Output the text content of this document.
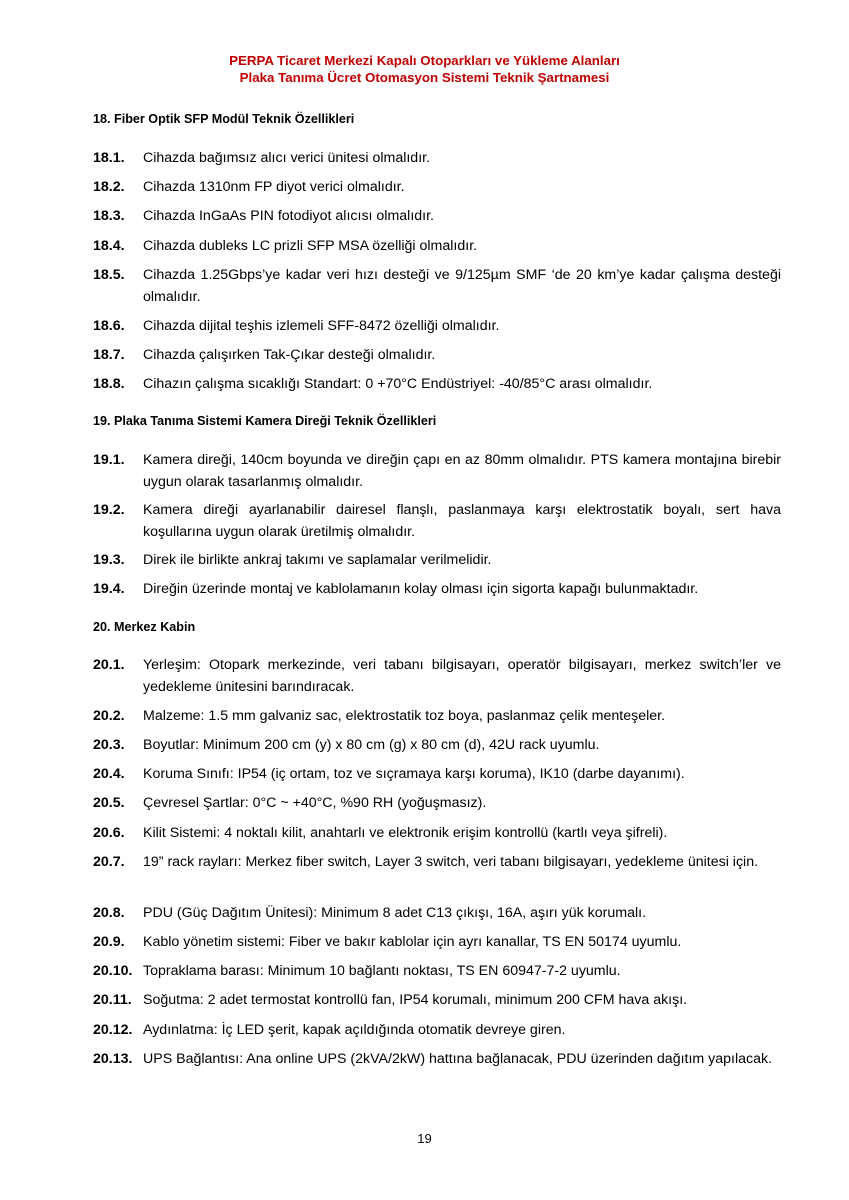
PERPA Ticaret Merkezi Kapalı Otoparkları ve Yükleme Alanları
Plaka Tanıma Ücret Otomasyon Sistemi Teknik Şartnamesi
18. Fiber Optik SFP Modül Teknik Özellikleri
18.1. Cihazda bağımsız alıcı verici ünitesi olmalıdır.
18.2. Cihazda 1310nm FP diyot verici olmalıdır.
18.3. Cihazda InGaAs PIN fotodiyot alıcısı olmalıdır.
18.4. Cihazda dubleks LC prizli SFP MSA özelliği olmalıdır.
18.5. Cihazda 1.25Gbps’ye kadar veri hızı desteği ve 9/125µm SMF ‘de 20 km’ye kadar çalışma desteği olmalıdır.
18.6. Cihazda dijital teşhis izlemeli SFF-8472 özelliği olmalıdır.
18.7. Cihazda çalışırken Tak-Çıkar desteği olmalıdır.
18.8. Cihazın çalışma sıcaklığı Standart: 0 +70°C Endüstriyel: -40/85°C arası olmalıdır.
19. Plaka Tanıma Sistemi Kamera Direği Teknik Özellikleri
19.1. Kamera direği, 140cm boyunda ve direğin çapı en az 80mm olmalıdır. PTS kamera montajına birebir uygun olarak tasarlanmış olmalıdır.
19.2. Kamera direği ayarlanabilir dairesel flanşlı, paslanmaya karşı elektrostatik boyalı, sert hava koşullarına uygun olarak üretilmiş olmalıdır.
19.3. Direk ile birlikte ankraj takımı ve saplamalar verilmelidir.
19.4. Direğin üzerinde montaj ve kablolamanın kolay olması için sigorta kapağı bulunmaktadır.
20. Merkez Kabin
20.1. Yerleşim: Otopark merkezinde, veri tabanı bilgisayarı, operatör bilgisayarı, merkez switch’ler ve yedekleme ünitesini barındıracak.
20.2. Malzeme: 1.5 mm galvaniz sac, elektrostatik toz boya, paslanmaz çelik menteşeler.
20.3. Boyutlar: Minimum 200 cm (y) x 80 cm (g) x 80 cm (d), 42U rack uyumlu.
20.4. Koruma Sınıfı: IP54 (iç ortam, toz ve sıçramaya karşı koruma), IK10 (darbe dayanımı).
20.5. Çevresel Şartlar: 0°C ~ +40°C, %90 RH (yoğuşmasız).
20.6. Kilit Sistemi: 4 noktalı kilit, anahtarlı ve elektronik erişim kontrollü (kartlı veya şifreli).
20.7. 19” rack rayları: Merkez fiber switch, Layer 3 switch, veri tabanı bilgisayarı, yedekleme ünitesi için.
20.8. PDU (Güç Dağıtım Ünitesi): Minimum 8 adet C13 çıkışı, 16A, aşırı yük korumalı.
20.9. Kablo yönetim sistemi: Fiber ve bakır kablolar için ayrı kanallar, TS EN 50174 uyumlu.
20.10. Topraklama barası: Minimum 10 bağlantı noktası, TS EN 60947-7-2 uyumlu.
20.11. Soğutma: 2 adet termostat kontrollü fan, IP54 korumalı, minimum 200 CFM hava akışı.
20.12. Aydınlatma: İç LED şerit, kapak açıldığında otomatik devreye giren.
20.13. UPS Bağlantısı: Ana online UPS (2kVA/2kW) hattına bağlanacak, PDU üzerinden dağıtım yapılacak.
19
